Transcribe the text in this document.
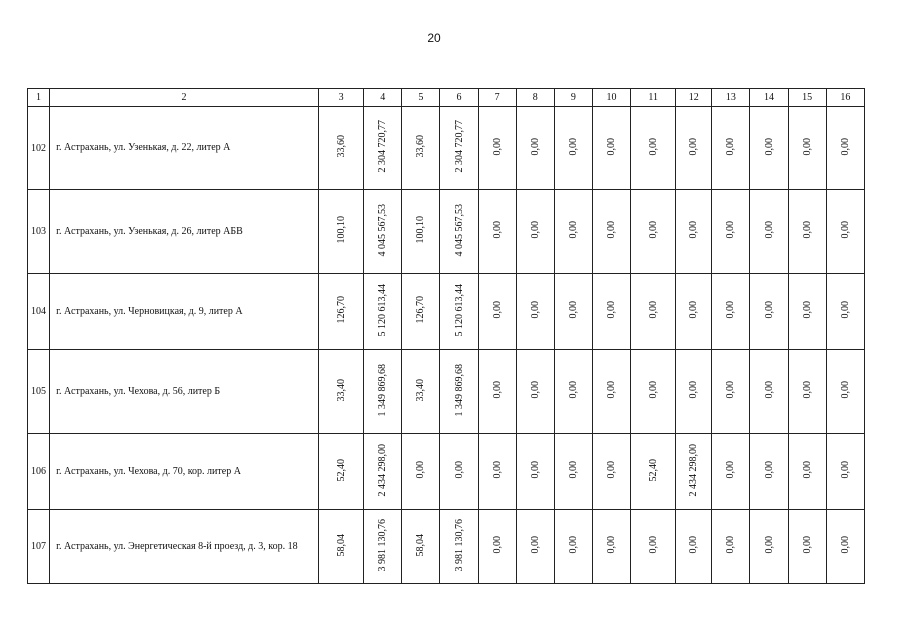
20
1	2	3	4	5	6	7	8	9	10	11	12	13	14	15	16
102	г. Астрахань, ул. Узенькая, д. 22, литер А	33,60	2 304 720,77	33,60	2 304 720,77	0,00	0,00	0,00	0,00	0,00	0,00	0,00	0,00	0,00	0,00
103	г. Астрахань, ул. Узенькая, д. 26, литер АБВ	100,10	4 045 567,53	100,10	4 045 567,53	0,00	0,00	0,00	0,00	0,00	0,00	0,00	0,00	0,00	0,00
104	г. Астрахань, ул. Черновицкая, д. 9, литер А	126,70	5 120 613,44	126,70	5 120 613,44	0,00	0,00	0,00	0,00	0,00	0,00	0,00	0,00	0,00	0,00
105	г. Астрахань, ул. Чехова, д. 56, литер Б	33,40	1 349 869,68	33,40	1 349 869,68	0,00	0,00	0,00	0,00	0,00	0,00	0,00	0,00	0,00	0,00
106	г. Астрахань, ул. Чехова, д. 70, кор. литер А	52,40	2 434 298,00	0,00	0,00	0,00	0,00	0,00	0,00	52,40	2 434 298,00	0,00	0,00	0,00	0,00
107	г. Астрахань, ул. Энергетическая 8-й проезд, д. 3, кор. 18	58,04	3 981 130,76	58,04	3 981 130,76	0,00	0,00	0,00	0,00	0,00	0,00	0,00	0,00	0,00	0,00
